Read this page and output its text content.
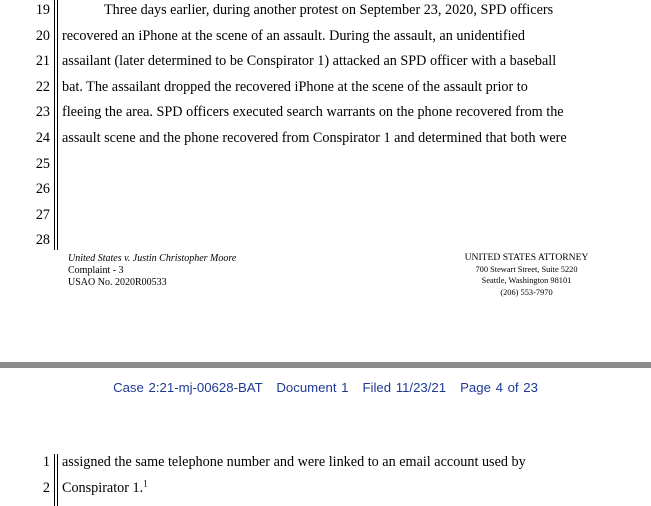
19	Three days earlier, during another protest on September 23, 2020, SPD officers
20 recovered an iPhone at the scene of an assault. During the assault, an unidentified
21 assailant (later determined to be Conspirator 1) attacked an SPD officer with a baseball
22 bat. The assailant dropped the recovered iPhone at the scene of the assault prior to
23 fleeing the area. SPD officers executed search warrants on the phone recovered from the
24 assault scene and the phone recovered from Conspirator 1 and determined that both were
25
26
27
28
United States v. Justin Christopher Moore
Complaint - 3
USAO No. 2020R00533
UNITED STATES ATTORNEY
700 Stewart Street, Suite 5220
Seattle, Washington 98101
(206) 553-7970
Case 2:21-mj-00628-BAT Document 1 Filed 11/23/21 Page 4 of 23
1 assigned the same telephone number and were linked to an email account used by
2 Conspirator 1.$^1$
